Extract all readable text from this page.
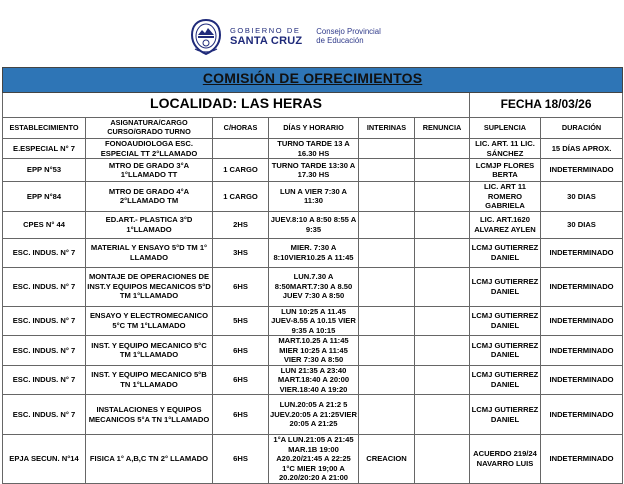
GOBIERNO DE
SANTA CRUZ
Consejo Provincial
de Educación
COMISIÓN DE OFRECIMIENTOS							
LOCALIDAD: LAS HERAS						FECHA 18/03/26	
ESTABLECIMIENTO	ASIGNATURA/CARGO CURSO/GRADO TURNO	C/HORAS	DÍAS Y HORARIO	INTERINAS	RENUNCIA	SUPLENCIA	DURACIÓN
E.ESPECIAL N° 7	FONOAUDIOLOGA ESC. ESPECIAL TT 2°LLAMADO		TURNO TARDE 13 A 16.30 HS			LIC. ART. 11 LIC. SÁNCHEZ	15 DÍAS APROX.
EPP N°53	MTRO DE GRADO 3°A 1°LLAMADO TT	1 CARGO	TURNO TARDE 13:30 A 17.30 HS			LCMJP FLORES BERTA	INDETERMINADO
EPP N°84	MTRO DE GRADO 4°A 2°LLAMADO TM	1 CARGO	LUN A VIER 7:30 A 11:30			LIC. ART 11 ROMERO GABRIELA	30 DIAS
CPES N° 44	ED.ART.- PLASTICA 3°D 1°LLAMADO	2HS	JUEV.8:10 A 8:50 8:55 A 9:35			LIC. ART.1620 ALVAREZ AYLEN	30 DIAS
ESC. INDUS. N° 7	MATERIAL Y ENSAYO 5°D TM 1° LLAMADO	3HS	MIER. 7:30 A 8:10VIER10.25 A 11:45			LCMJ GUTIERREZ DANIEL	INDETERMINADO
ESC. INDUS. N° 7	MONTAJE DE OPERACIONES DE INST.Y EQUIPOS MECANICOS 5°D TM 1°LLAMADO	6HS	LUN.7.30 A 8:50MART.7:30 A 8.50 JUEV 7:30 A 8:50			LCMJ GUTIERREZ DANIEL	INDETERMINADO
ESC. INDUS. N° 7	ENSAYO Y ELECTROMECANICO 5°C TM 1°LLAMADO	5HS	LUN 10:25 A 11.45 JUEV-8.55 A 10.15 VIER 9:35 A 10:15			LCMJ GUTIERREZ DANIEL	INDETERMINADO
ESC. INDUS. N° 7	INST. Y EQUIPO MECANICO 5°C TM 1°LLAMADO	6HS	MART.10.25 A 11:45 MIER 10:25 A 11:45 VIER 7:30 A 8:50			LCMJ GUTIERREZ DANIEL	INDETERMINADO
ESC. INDUS. N° 7	INST. Y EQUIPO MECANICO 5°B TN 1°LLAMADO	6HS	LUN 21:35 A 23:40 MART.18:40 A 20:00 VIER.18:40 A 19:20			LCMJ GUTIERREZ DANIEL	INDETERMINADO
ESC. INDUS. N° 7	INSTALACIONES Y EQUIPOS MECANICOS 5°A TN 1°LLAMADO	6HS	LUN.20:05 A 21:2 5 JUEV.20:05 A 21:25VIER 20:05 A 21:25			LCMJ GUTIERREZ DANIEL	INDETERMINADO
EPJA SECUN. N°14	FISICA 1° A,B,C TN 2° LLAMADO	6HS	1°A LUN.21:05 A 21:45 MAR.1B 19:00 A20.20/21:45 A 22:25 1°C MIER 19;00 A 20.20/20:20 A 21:00	CREACION		ACUERDO 219/24 NAVARRO LUIS	INDETERMINADO
